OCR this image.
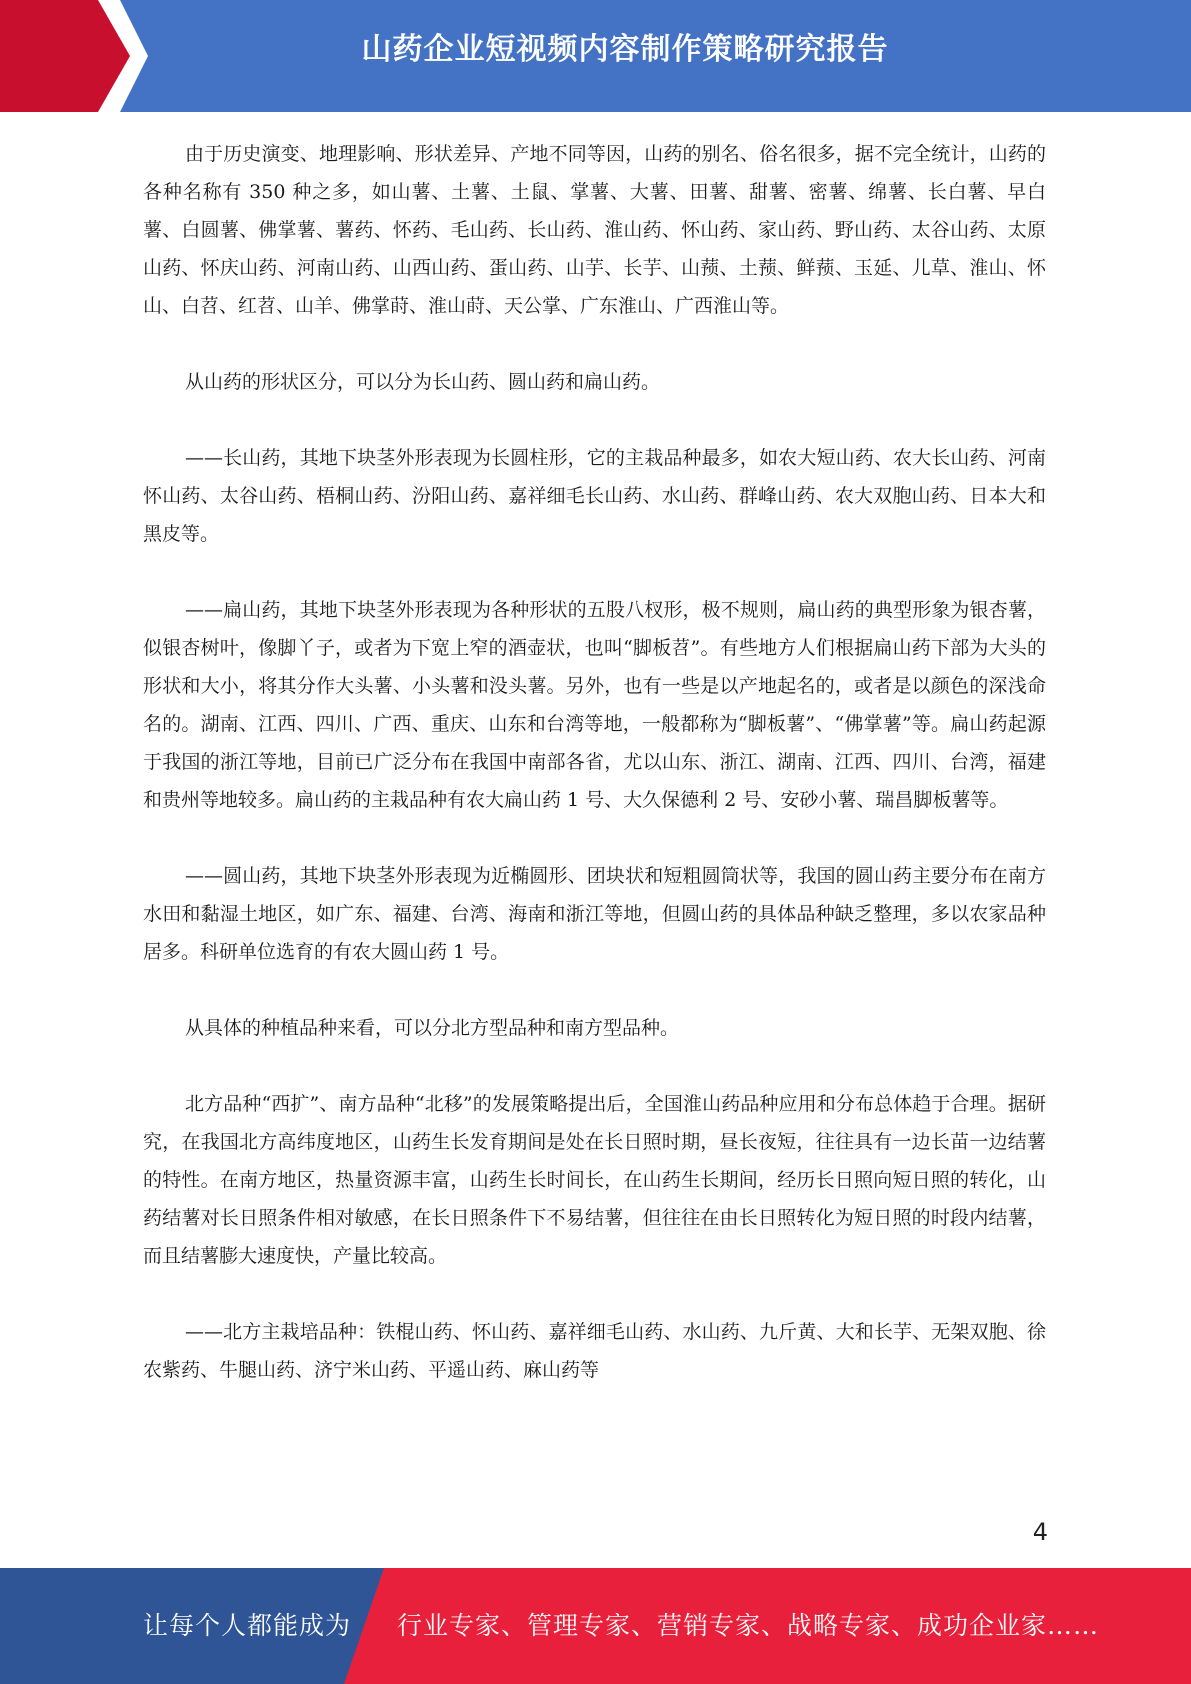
山药企业短视频内容制作策略研究报告

由于历史演变、地理影响、形状差异、产地不同等因，山药的别名、俗名很多，据不完全统计，山药的各种名称有 350 种之多，如山薯、土薯、土鼠、掌薯、大薯、田薯、甜薯、密薯、绵薯、长白薯、早白薯、白圆薯、佛掌薯、薯药、怀药、毛山药、长山药、淮山药、怀山药、家山药、野山药、太谷山药、太原山药、怀庆山药、河南山药、山西山药、蛋山药、山芋、长芋、山蓣、土蓣、鲜蓣、玉延、儿草、淮山、怀山、白苕、红苕、山羊、佛掌莳、淮山莳、天公掌、广东淮山、广西淮山等。

从山药的形状区分，可以分为长山药、圆山药和扁山药。

——长山药，其地下块茎外形表现为长圆柱形，它的主栽品种最多，如农大短山药、农大长山药、河南怀山药、太谷山药、梧桐山药、汾阳山药、嘉祥细毛长山药、水山药、群峰山药、农大双胞山药、日本大和黑皮等。

——扁山药，其地下块茎外形表现为各种形状的五股八杈形，极不规则，扁山药的典型形象为银杏薯，似银杏树叶，像脚丫子，或者为下宽上窄的酒壶状，也叫“脚板苕”。有些地方人们根据扁山药下部为大头的形状和大小，将其分作大头薯、小头薯和没头薯。另外，也有一些是以产地起名的，或者是以颜色的深浅命名的。湖南、江西、四川、广西、重庆、山东和台湾等地，一般都称为“脚板薯”、“佛掌薯”等。扁山药起源于我国的浙江等地，目前已广泛分布在我国中南部各省，尤以山东、浙江、湖南、江西、四川、台湾，福建和贵州等地较多。扁山药的主栽品种有农大扁山药 1 号、大久保德利 2 号、安砂小薯、瑞昌脚板薯等。

——圆山药，其地下块茎外形表现为近椭圆形、团块状和短粗圆筒状等，我国的圆山药主要分布在南方水田和黏湿土地区，如广东、福建、台湾、海南和浙江等地，但圆山药的具体品种缺乏整理，多以农家品种居多。科研单位选育的有农大圆山药 1 号。

从具体的种植品种来看，可以分北方型品种和南方型品种。

北方品种“西扩”、南方品种“北移”的发展策略提出后，全国淮山药品种应用和分布总体趋于合理。据研究，在我国北方高纬度地区，山药生长发育期间是处在长日照时期，昼长夜短，往往具有一边长苗一边结薯的特性。在南方地区，热量资源丰富，山药生长时间长，在山药生长期间，经历长日照向短日照的转化，山药结薯对长日照条件相对敏感，在长日照条件下不易结薯，但往往在由长日照转化为短日照的时段内结薯，而且结薯膨大速度快，产量比较高。

——北方主栽培品种：铁棍山药、怀山药、嘉祥细毛山药、水山药、九斤黄、大和长芋、无架双胞、徐农紫药、牛腿山药、济宁米山药、平遥山药、麻山药等

4
让每个人都能成为 行业专家、管理专家、营销专家、战略专家、成功企业家……
